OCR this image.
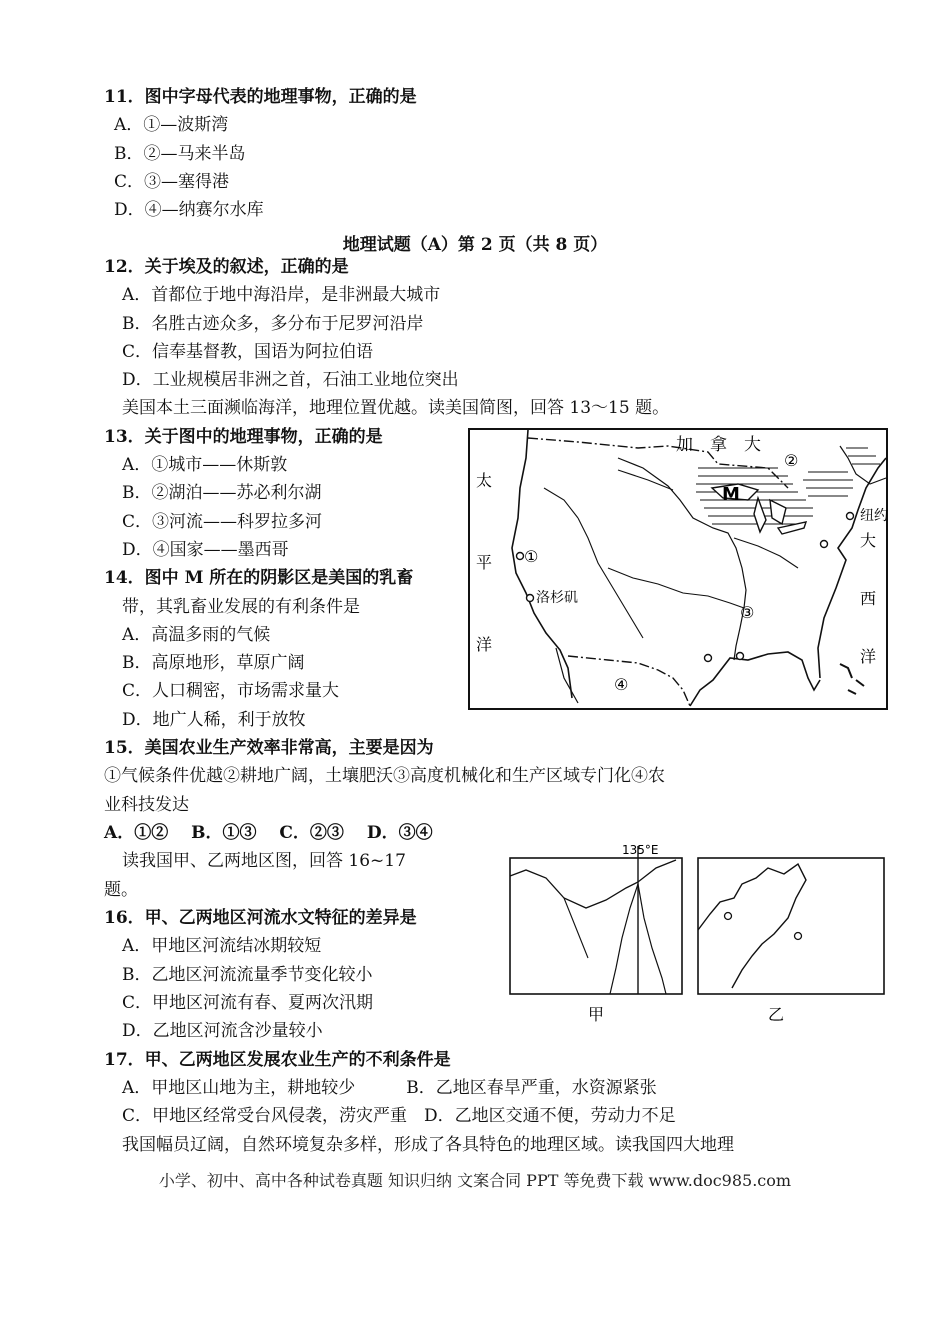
11．图中字母代表的地理事物，正确的是
A．①—波斯湾
B．②—马来半岛
C．③—塞得港
D．④—纳赛尔水库
地理试题（A）第 2 页（共 8 页）
12．关于埃及的叙述，正确的是
A．首都位于地中海沿岸，是非洲最大城市
B．名胜古迹众多，多分布于尼罗河沿岸
C．信奉基督教，国语为阿拉伯语
D．工业规模居非洲之首，石油工业地位突出
美国本土三面濒临海洋，地理位置优越。读美国简图，回答 13～15 题。
13．关于图中的地理事物，正确的是
A．①城市——休斯敦
B．②湖泊——苏必利尔湖
C．③河流——科罗拉多河
D．④国家——墨西哥
14．图中 M 所在的阴影区是美国的乳畜
带，其乳畜业发展的有利条件是
A．高温多雨的气候
B．高原地形，草原广阔
C．人口稠密，市场需求量大
D．地广人稀，利于放牧
15．美国农业生产效率非常高，主要是因为
①气候条件优越②耕地广阔，土壤肥沃③高度机械化和生产区域专门化④农
业科技发达
A．①②　 B．①③　 C．②③　 D．③④
读我国甲、乙两地区图，回答 16~17
题。
16．甲、乙两地区河流水文特征的差异是
A．甲地区河流结冰期较短
B．乙地区河流流量季节变化较小
C．甲地区河流有春、夏两次汛期
D．乙地区河流含沙量较小
17．甲、乙两地区发展农业生产的不利条件是
A．甲地区山地为主，耕地较少　　　B．乙地区春旱严重，水资源紧张
C．甲地区经常受台风侵袭，涝灾严重　D．乙地区交通不便，劳动力不足
我国幅员辽阔，自然环境复杂多样，形成了各具特色的地理区域。读我国四大地理
小学、初中、高中各种试卷真题 知识归纳 文案合同 PPT 等免费下载 www.doc985.com
加　拿　大
太
平
洋
大
西
洋
纽约
洛杉矶
M
①
②
③
④
135°E
甲	乙
